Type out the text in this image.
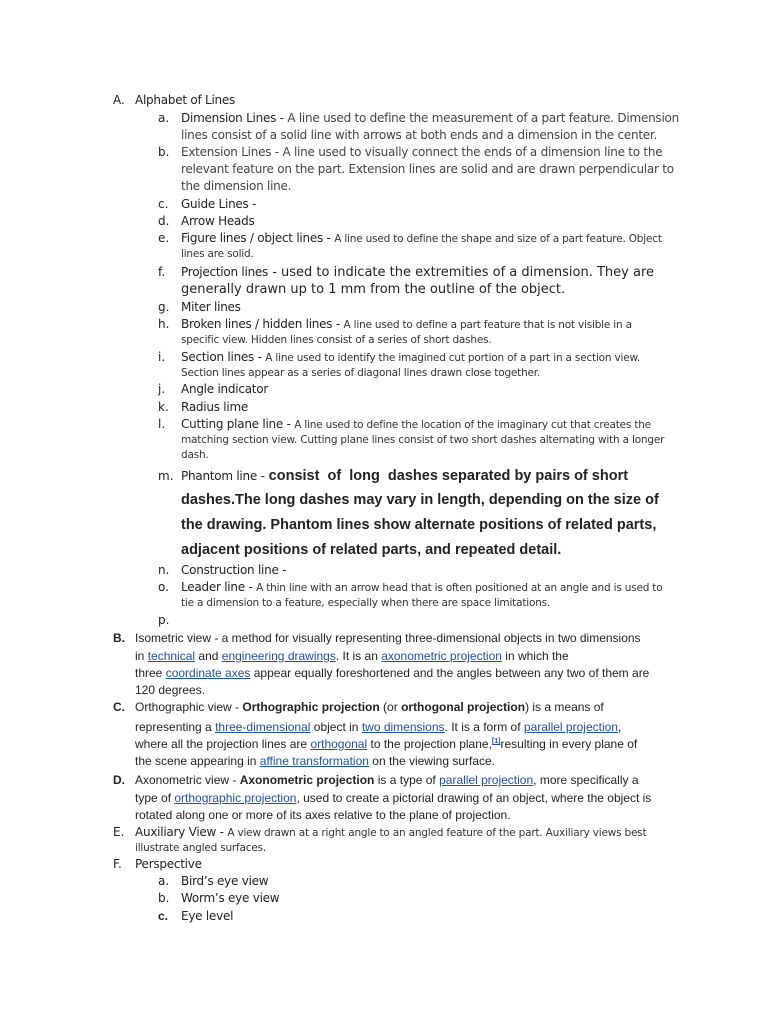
A. Alphabet of Lines
a. Dimension Lines - A line used to define the measurement of a part feature. Dimension
lines consist of a solid line with arrows at both ends and a dimension in the center.
b. Extension Lines - A line used to visually connect the ends of a dimension line to the
relevant feature on the part. Extension lines are solid and are drawn perpendicular to
the dimension line.
c. Guide Lines -
d. Arrow Heads
e. Figure lines / object lines - A line used to define the shape and size of a part feature. Object
lines are solid.
f. Projection lines - used to indicate the extremities of a dimension. They are
generally drawn up to 1 mm from the outline of the object.
g. Miter lines
h. Broken lines / hidden lines - A line used to define a part feature that is not visible in a
specific view. Hidden lines consist of a series of short dashes.
i. Section lines - A line used to identify the imagined cut portion of a part in a section view.
Section lines appear as a series of diagonal lines drawn close together.
j. Angle indicator
k. Radius lime
l. Cutting plane line - A line used to define the location of the imaginary cut that creates the
matching section view. Cutting plane lines consist of two short dashes alternating with a longer
dash.
m. Phantom line - consist  of  long  dashes separated by pairs of short
dashes.The long dashes may vary in length, depending on the size of
the drawing. Phantom lines show alternate positions of related parts,
adjacent positions of related parts, and repeated detail.
n. Construction line -
o. Leader line - A thin line with an arrow head that is often positioned at an angle and is used to
tie a dimension to a feature, especially when there are space limitations.
p.
B. Isometric view - a method for visually representing three-dimensional objects in two dimensions
in technical and engineering drawings. It is an axonometric projection in which the
three coordinate axes appear equally foreshortened and the angles between any two of them are
120 degrees.
C. Orthographic view - Orthographic projection (or orthogonal projection) is a means of
representing a three-dimensional object in two dimensions. It is a form of parallel projection,
where all the projection lines are orthogonal to the projection plane,[1]resulting in every plane of
the scene appearing in affine transformation on the viewing surface.
D. Axonometric view - Axonometric projection is a type of parallel projection, more specifically a
type of orthographic projection, used to create a pictorial drawing of an object, where the object is
rotated along one or more of its axes relative to the plane of projection.
E. Auxiliary View - A view drawn at a right angle to an angled feature of the part. Auxiliary views best
illustrate angled surfaces.
F. Perspective
a. Bird’s eye view
b. Worm’s eye view
c. Eye level
